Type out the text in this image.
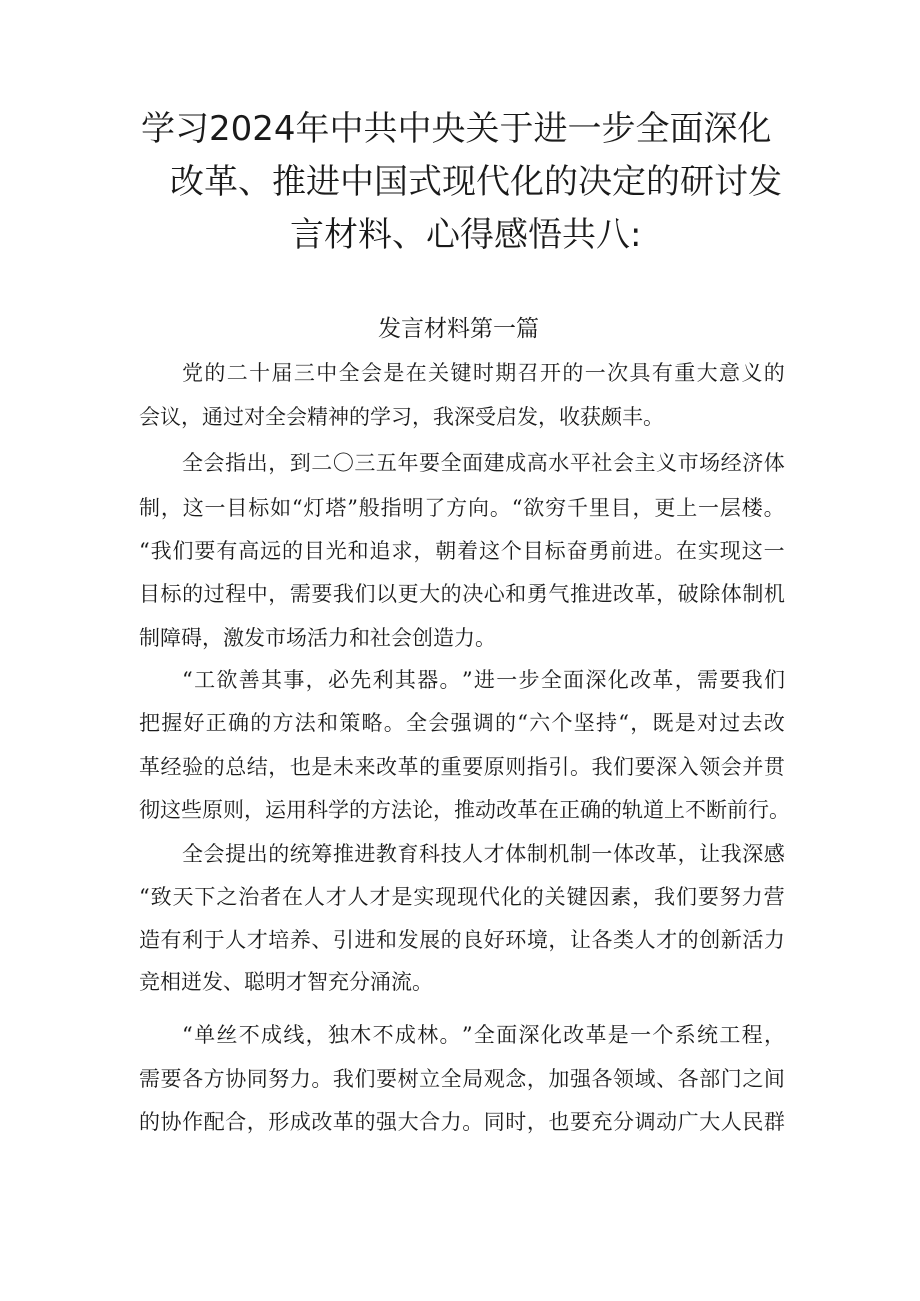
学习2024年中共中央关于进一步全面深化
改革、推进中国式现代化的决定的研讨发
言材料、心得感悟共八:
发言材料第一篇
党 的 二 十 届 三 中 全 会 是 在 关 键 时 期 召 开 的 一 次 具 有 重 大 意 义 的
会议，通过对全会精神的学习，我深受启发，收获颇丰。
全 会 指 出 ， 到 二 〇 三 五 年 要 全 面 建 成 高 水 平 社 会 主 义 市 场 经 济 体
制 ， 这 一 目 标 如 “ 灯 塔 ” 般 指 明 了 方 向 。 “ 欲 穷 千 里 目 ， 更 上 一 层 楼 。
“ 我 们 要 有 高 远 的 目 光 和 追 求 ， 朝 着 这 个 目 标 奋 勇 前 进 。 在 实 现 这 一
目 标 的 过 程 中 ， 需 要 我 们 以 更 大 的 决 心 和 勇 气 推 进 改 革 ， 破 除 体 制 机
制障碍，激发市场活力和社会创造力。
“ 工 欲 善 其 事 ， 必 先 利 其 器 。 ” 进 一 步 全 面 深 化 改 革 ， 需 要 我 们
把 握 好 正 确 的 方 法 和 策 略 。 全 会 强 调 的 “ 六 个 坚 持 “ ， 既 是 对 过 去 改
革 经 验 的 总 结 ， 也 是 未 来 改 革 的 重 要 原 则 指 引 。 我 们 要 深 入 领 会 并 贯
彻 这 些 原 则 ， 运 用 科 学 的 方 法 论 ， 推 动 改 革 在 正 确 的 轨 道 上 不 断 前 行 。
全 会 提 出 的 统 筹 推 进 教 育 科 技 人 才 体 制 机 制 一 体 改 革 ， 让 我 深 感
“ 致 天 下 之 治 者 在 人 才 人 才 是 实 现 现 代 化 的 关 键 因 素 ， 我 们 要 努 力 营
造 有 利 于 人 才 培 养 、 引 进 和 发 展 的 良 好 环 境 ， 让 各 类 人 才 的 创 新 活 力
竞相迸发、聪明才智充分涌流。
“ 单 丝 不 成 线 ， 独 木 不 成 林 。 ” 全 面 深 化 改 革 是 一 个 系 统 工 程 ，
需 要 各 方 协 同 努 力 。 我 们 要 树 立 全 局 观 念 ， 加 强 各 领 域 、 各 部 门 之 间
的 协 作 配 合 ， 形 成 改 革 的 强 大 合 力 。 同 时 ， 也 要 充 分 调 动 广 大 人 民 群
